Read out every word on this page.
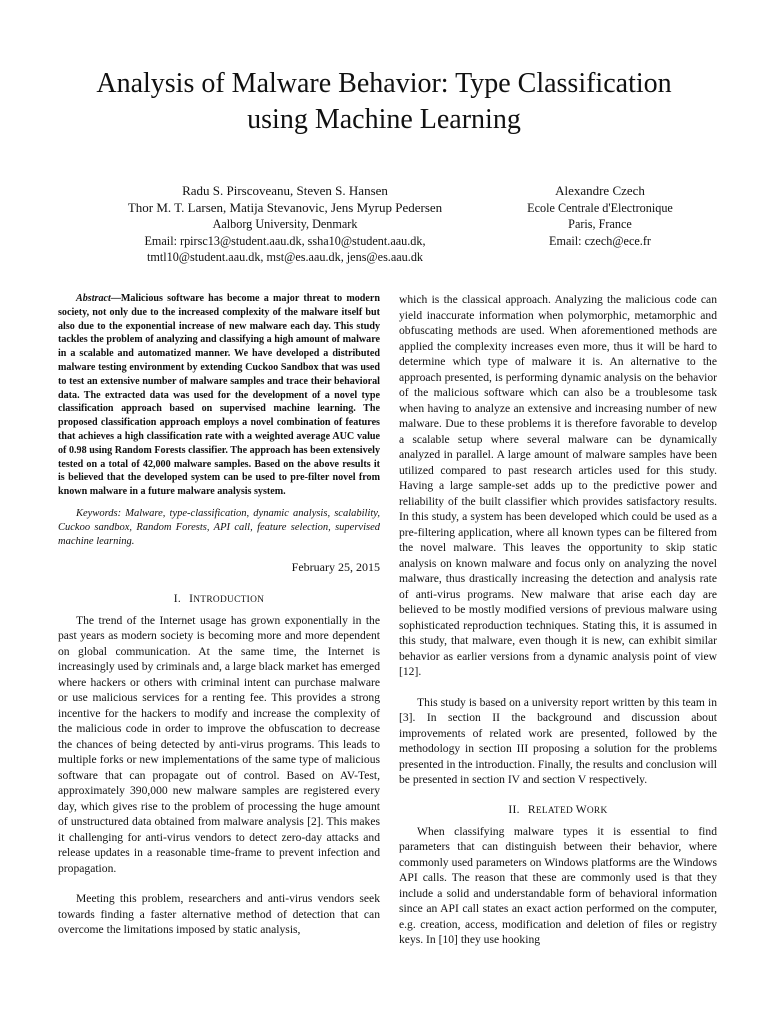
Analysis of Malware Behavior: Type Classification
using Machine Learning
Radu S. Pirscoveanu, Steven S. Hansen
Thor M. T. Larsen, Matija Stevanovic, Jens Myrup Pedersen
Aalborg University, Denmark
Email: rpirsc13@student.aau.dk, ssha10@student.aau.dk,
tmtl10@student.aau.dk, mst@es.aau.dk, jens@es.aau.dk
Alexandre Czech
Ecole Centrale d'Electronique
Paris, France
Email: czech@ece.fr

Abstract—Malicious software has become a major threat to modern society, not only due to the increased complexity of the malware itself but also due to the exponential increase of new malware each day. This study tackles the problem of analyzing and classifying a high amount of malware in a scalable and automatized manner. We have developed a distributed malware testing environment by extending Cuckoo Sandbox that was used to test an extensive number of malware samples and trace their behavioral data. The extracted data was used for the development of a novel type classification approach based on supervised machine learning. The proposed classification approach employs a novel combination of features that achieves a high classification rate with a weighted average AUC value of 0.98 using Random Forests classifier. The approach has been extensively tested on a total of 42,000 malware samples. Based on the above results it is believed that the developed system can be used to pre-filter novel from known malware in a future malware analysis system.

Keywords: Malware, type-classification, dynamic analysis, scalability, Cuckoo sandbox, Random Forests, API call, feature selection, supervised machine learning.

February 25, 2015

I. INTRODUCTION

The trend of the Internet usage has grown exponentially in the past years as modern society is becoming more and more dependent on global communication. At the same time, the Internet is increasingly used by criminals and, a large black market has emerged where hackers or others with criminal intent can purchase malware or use malicious services for a renting fee. This provides a strong incentive for the hackers to modify and increase the complexity of the malicious code in order to improve the obfuscation to decrease the chances of being detected by anti-virus programs. This leads to multiple forks or new implementations of the same type of malicious software that can propagate out of control. Based on AV-Test, approximately 390,000 new malware samples are registered every day, which gives rise to the problem of processing the huge amount of unstructured data obtained from malware analysis [2]. This makes it challenging for anti-virus vendors to detect zero-day attacks and release updates in a reasonable time-frame to prevent infection and propagation.

Meeting this problem, researchers and anti-virus vendors seek towards finding a faster alternative method of detection that can overcome the limitations imposed by static analysis,

which is the classical approach. Analyzing the malicious code can yield inaccurate information when polymorphic, metamorphic and obfuscating methods are used. When aforementioned methods are applied the complexity increases even more, thus it will be hard to determine which type of malware it is. An alternative to the approach presented, is performing dynamic analysis on the behavior of the malicious software which can also be a troublesome task when having to analyze an extensive and increasing number of new malware. Due to these problems it is therefore favorable to develop a scalable setup where several malware can be dynamically analyzed in parallel. A large amount of malware samples have been utilized compared to past research articles used for this study. Having a large sample-set adds up to the predictive power and reliability of the built classifier which provides satisfactory results. In this study, a system has been developed which could be used as a pre-filtering application, where all known types can be filtered from the novel malware. This leaves the opportunity to skip static analysis on known malware and focus only on analyzing the novel malware, thus drastically increasing the detection and analysis rate of anti-virus programs. New malware that arise each day are believed to be mostly modified versions of previous malware using sophisticated reproduction techniques. Stating this, it is assumed in this study, that malware, even though it is new, can exhibit similar behavior as earlier versions from a dynamic analysis point of view [12].

This study is based on a university report written by this team in [3]. In section II the background and discussion about improvements of related work are presented, followed by the methodology in section III proposing a solution for the problems presented in the introduction. Finally, the results and conclusion will be presented in section IV and section V respectively.

II. RELATED WORK

When classifying malware types it is essential to find parameters that can distinguish between their behavior, where commonly used parameters on Windows platforms are the Windows API calls. The reason that these are commonly used is that they include a solid and understandable form of behavioral information since an API call states an exact action performed on the computer, e.g. creation, access, modification and deletion of files or registry keys. In [10] they use hooking
